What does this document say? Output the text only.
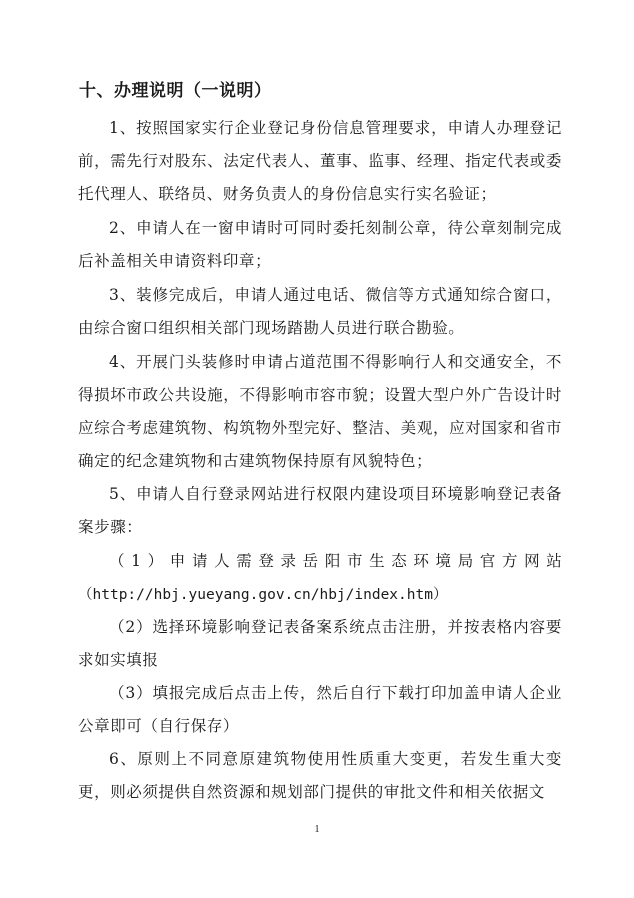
十、办理说明（一说明）

1、按照国家实行企业登记身份信息管理要求，申请人办理登记前，需先行对股东、法定代表人、董事、监事、经理、指定代表或委托代理人、联络员、财务负责人的身份信息实行实名验证；

2、申请人在一窗申请时可同时委托刻制公章，待公章刻制完成后补盖相关申请资料印章；

3、装修完成后，申请人通过电话、微信等方式通知综合窗口，由综合窗口组织相关部门现场踏勘人员进行联合勘验。

4、开展门头装修时申请占道范围不得影响行人和交通安全，不得损坏市政公共设施，不得影响市容市貌；设置大型户外广告设计时应综合考虑建筑物、构筑物外型完好、整洁、美观，应对国家和省市确定的纪念建筑物和古建筑物保持原有风貌特色；

5、申请人自行登录网站进行权限内建设项目环境影响登记表备案步骤：

（1）申请人需登录岳阳市生态环境局官方网站（http://hbj.yueyang.gov.cn/hbj/index.htm）

（2）选择环境影响登记表备案系统点击注册，并按表格内容要求如实填报

（3）填报完成后点击上传，然后自行下载打印加盖申请人企业公章即可（自行保存）

6、原则上不同意原建筑物使用性质重大变更，若发生重大变更，则必须提供自然资源和规划部门提供的审批文件和相关依据文

1
